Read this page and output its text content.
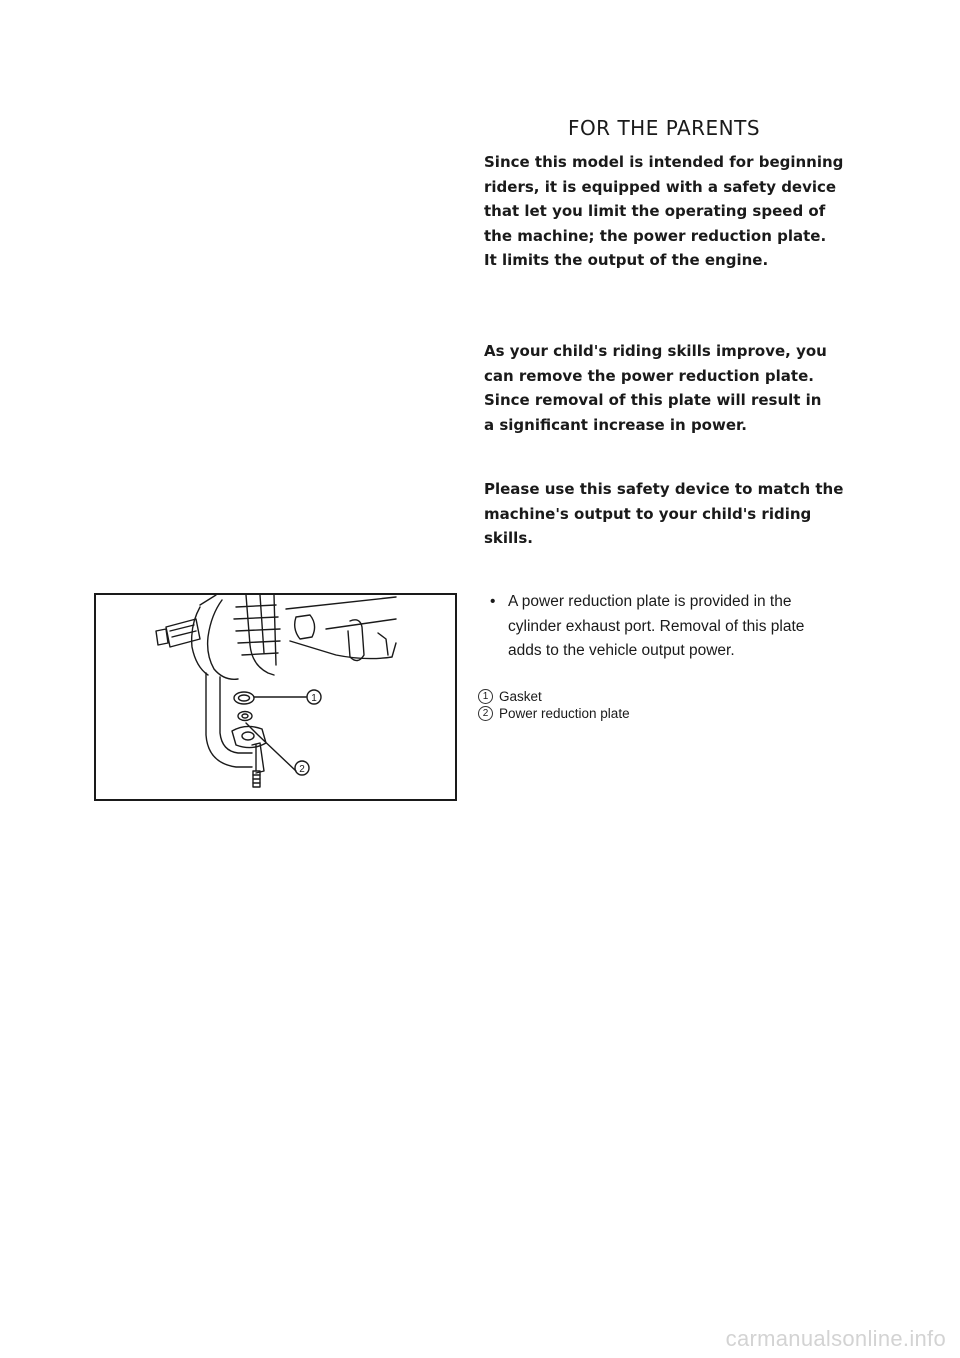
FOR THE PARENTS

Since this model is intended for beginning
riders, it is equipped with a safety device
that let you limit the operating speed of
the machine; the power reduction plate.
It limits the output of the engine.

As your child's riding skills improve, you
can remove the power reduction plate.
Since removal of this plate will result in
a significant increase in power.

Please use this safety device to match the
machine's output to your child's riding
skills.

• A power reduction plate is provided in the
cylinder exhaust port. Removal of this plate
adds to the vehicle output power.
1 Gasket
2 Power reduction plate
1
2
carmanualsonline.info
